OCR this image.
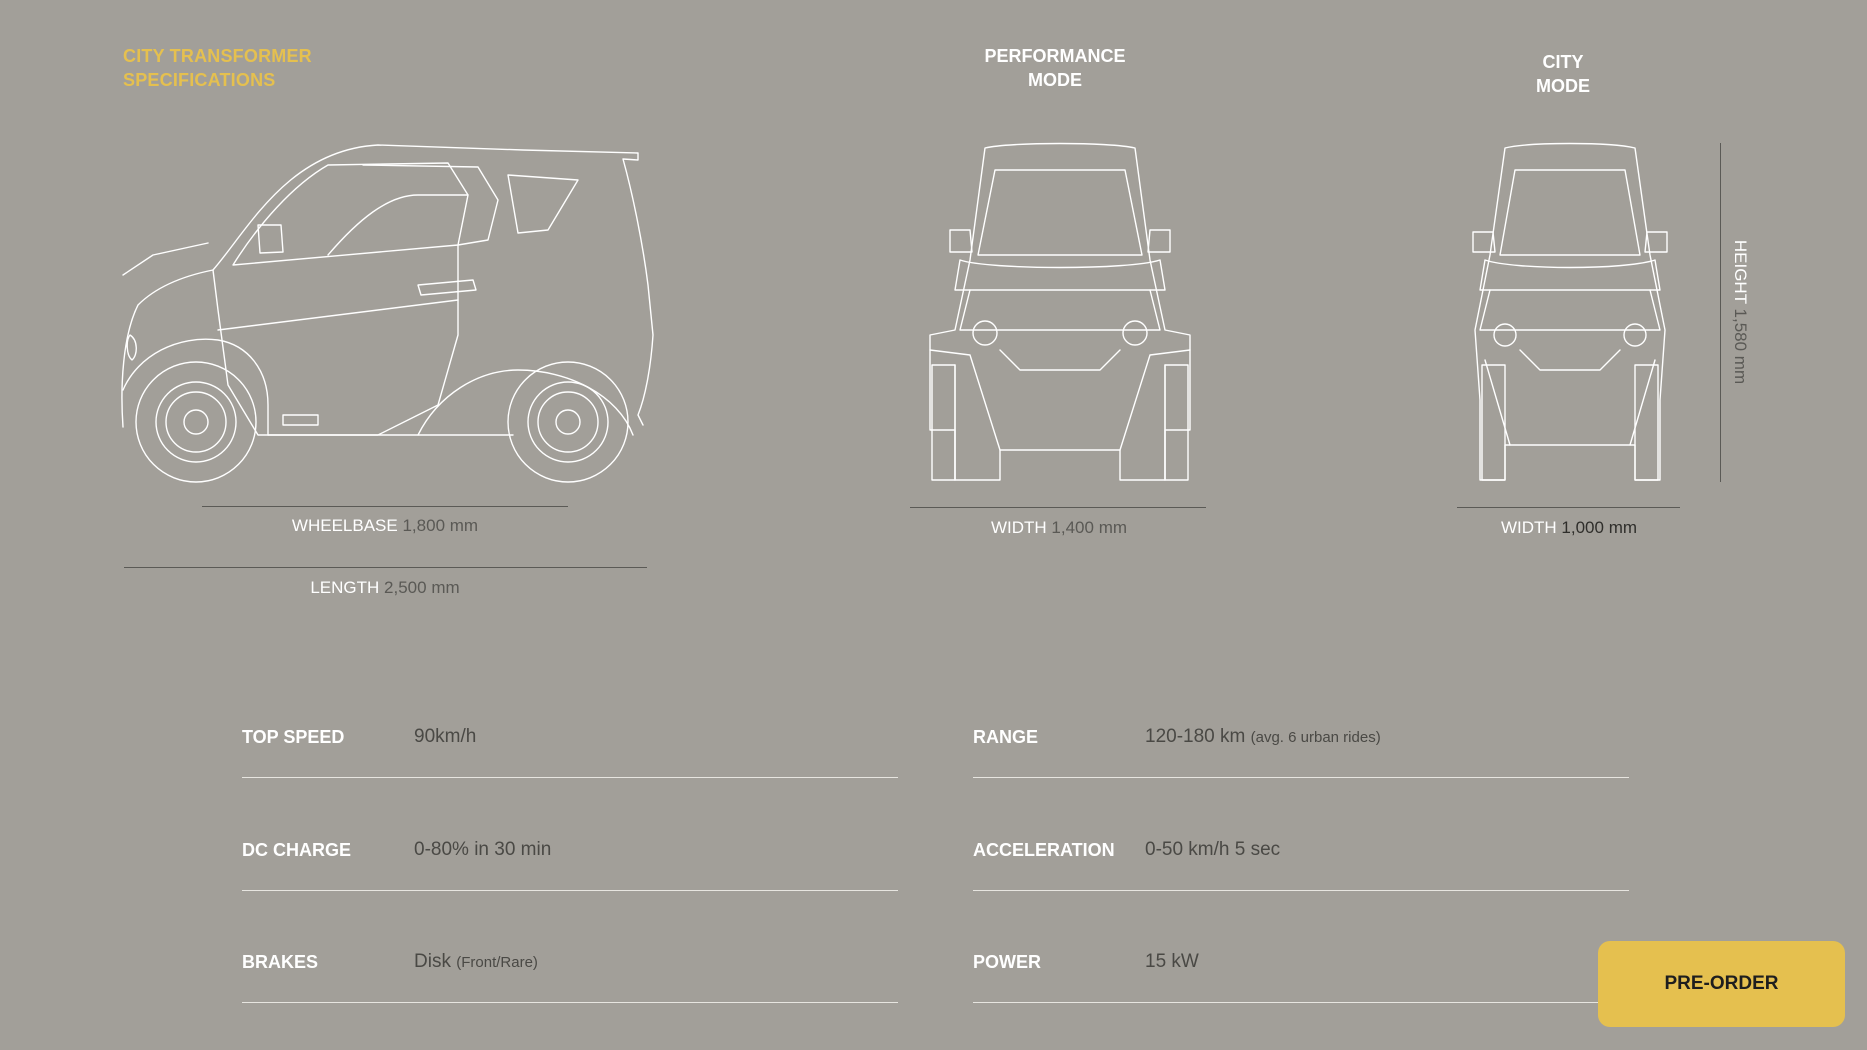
CITY TRANSFORMER
SPECIFICATIONS
PERFORMANCE
MODE
CITY
MODE
WHEELBASE 1,800 mm
LENGTH 2,500 mm
WIDTH 1,400 mm	WIDTH 1,000 mm
HEIGHT 1,580 mm
TOP SPEED	90km/h
DC CHARGE	0-80% in 30 min
BRAKES	Disk (Front/Rare)
RANGE	120-180 km (avg. 6 urban rides)
ACCELERATION 0-50 km/h 5 sec
POWER	15 kW
PRE-ORDER
